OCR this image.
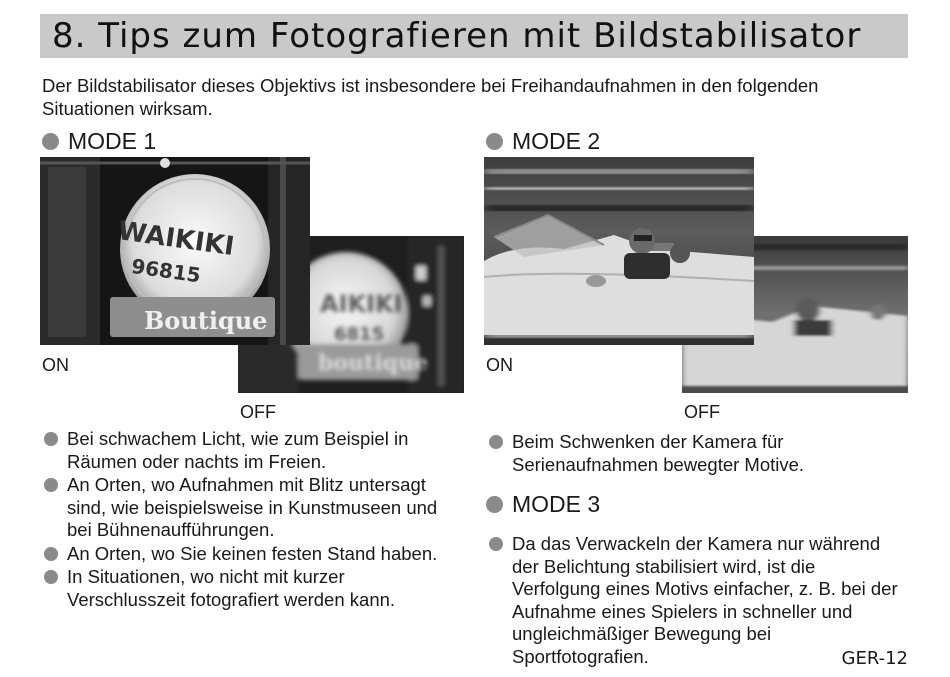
8. Tips zum Fotografieren mit Bildstabilisator
Der Bildstabilisator dieses Objektivs ist insbesondere bei Freihandaufnahmen in den folgenden Situationen wirksam.
MODE 1
AIKIKI
6815
boutique
WAIKIKI
96815
Boutique
ON
OFF
Bei schwachem Licht, wie zum Beispiel in Räumen oder nachts im Freien.
An Orten, wo Aufnahmen mit Blitz untersagt sind, wie beispielsweise in Kunstmuseen und bei Bühnenaufführungen.
An Orten, wo Sie keinen festen Stand haben.
In Situationen, wo nicht mit kurzer Verschlusszeit fotografiert werden kann.
MODE 2
ON
OFF
Beim Schwenken der Kamera für Serienaufnahmen bewegter Motive.
MODE 3
Da das Verwackeln der Kamera nur während der Belichtung stabilisiert wird, ist die Verfolgung eines Motivs einfacher, z. B. bei der Aufnahme eines Spielers in schneller und ungleichmäßiger Bewegung bei Sportfotografien.	GER-12
